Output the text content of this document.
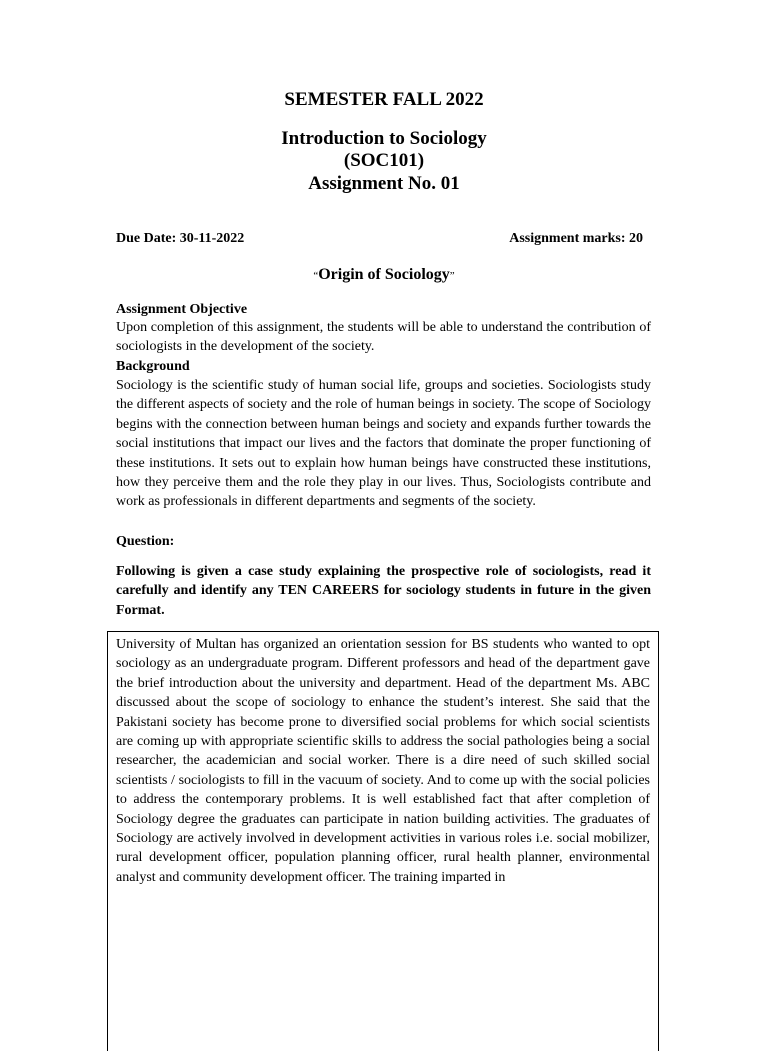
SEMESTER FALL 2022
Introduction to Sociology
(SOC101)
Assignment No. 01
Due Date: 30-11-2022	Assignment marks: 20
“Origin of Sociology”
Assignment Objective
Upon completion of this assignment, the students will be able to understand the contribution of sociologists in the development of the society.
Background
Sociology is the scientific study of human social life, groups and societies. Sociologists study the different aspects of society and the role of human beings in society. The scope of Sociology begins with the connection between human beings and society and expands further towards the social institutions that impact our lives and the factors that dominate the proper functioning of these institutions. It sets out to explain how human beings have constructed these institutions, how they perceive them and the role they play in our lives. Thus, Sociologists contribute and work as professionals in different departments and segments of the society.
Question:
Following is given a case study explaining the prospective role of sociologists, read it carefully and identify any TEN CAREERS for sociology students in future in the given Format.
University of Multan has organized an orientation session for BS students who wanted to opt sociology as an undergraduate program. Different professors and head of the department gave the brief introduction about the university and department. Head of the department Ms. ABC discussed about the scope of sociology to enhance the student’s interest. She said that the Pakistani society has become prone to diversified social problems for which social scientists are coming up with appropriate scientific skills to address the social pathologies being a social researcher, the academician and social worker. There is a dire need of such skilled social scientists / sociologists to fill in the vacuum of society. And to come up with the social policies to address the contemporary problems. It is well established fact that after completion of Sociology degree the graduates can participate in nation building activities. The graduates of Sociology are actively involved in development activities in various roles i.e. social mobilizer, rural development officer, population planning officer, rural health planner, environmental analyst and community development officer. The training imparted in
